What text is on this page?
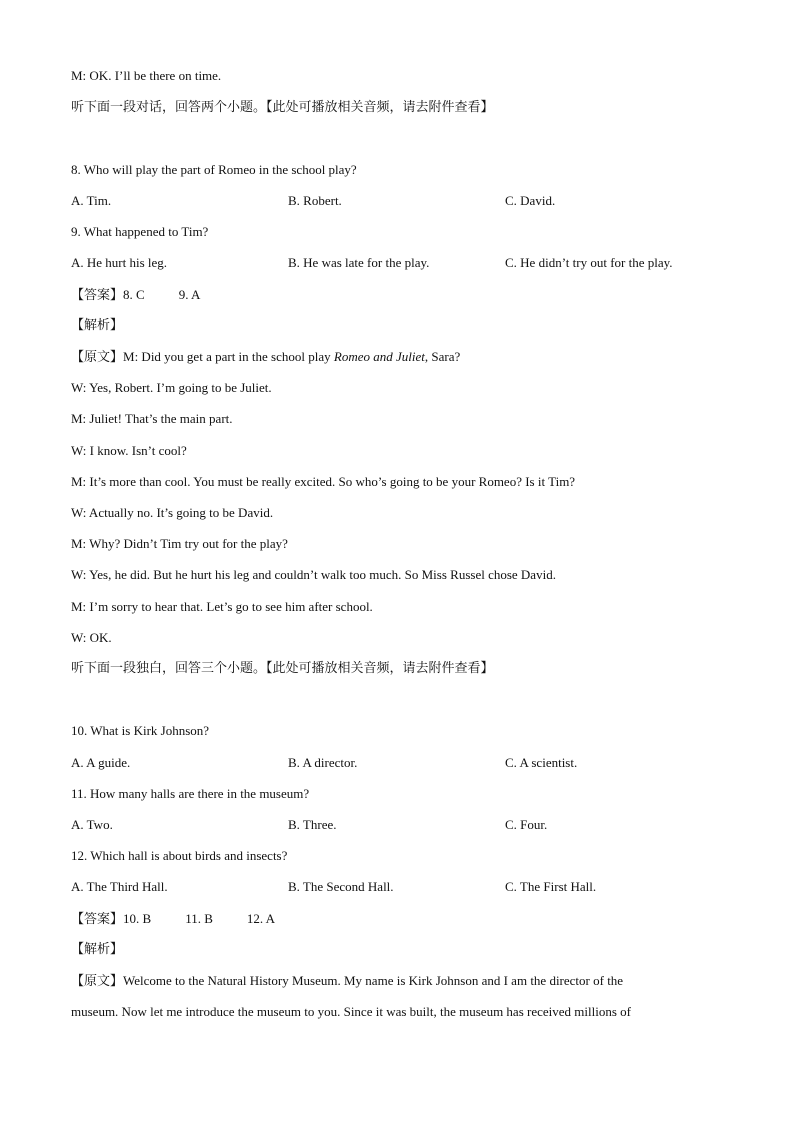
M: OK. I’ll be there on time.
听下面一段对话，回答两个小题。【此处可播放相关音频，请去附件查看】
8. Who will play the part of Romeo in the school play?
A. Tim.	B. Robert.	C. David.
9. What happened to Tim?
A. He hurt his leg.	B. He was late for the play.	C. He didn’t try out for the play.
【答案】8. C	9. A
【解析】
【原文】M: Did you get a part in the school play Romeo and Juliet, Sara?
W: Yes, Robert. I’m going to be Juliet.
M: Juliet! That’s the main part.
W: I know. Isn’t cool?
M: It’s more than cool. You must be really excited. So who’s going to be your Romeo? Is it Tim?
W: Actually no. It’s going to be David.
M: Why? Didn’t Tim try out for the play?
W: Yes, he did. But he hurt his leg and couldn’t walk too much. So Miss Russel chose David.
M: I’m sorry to hear that. Let’s go to see him after school.
W: OK.
听下面一段独白，回答三个小题。【此处可播放相关音频，请去附件查看】
10. What is Kirk Johnson?
A. A guide.	B. A director.	C. A scientist.
11. How many halls are there in the museum?
A. Two.	B. Three.	C. Four.
12. Which hall is about birds and insects?
A. The Third Hall.	B. The Second Hall.	C. The First Hall.
【答案】10. B	11. B	12. A
【解析】
【原文】Welcome to the Natural History Museum. My name is Kirk Johnson and I am the director of the
museum. Now let me introduce the museum to you. Since it was built, the museum has received millions of
